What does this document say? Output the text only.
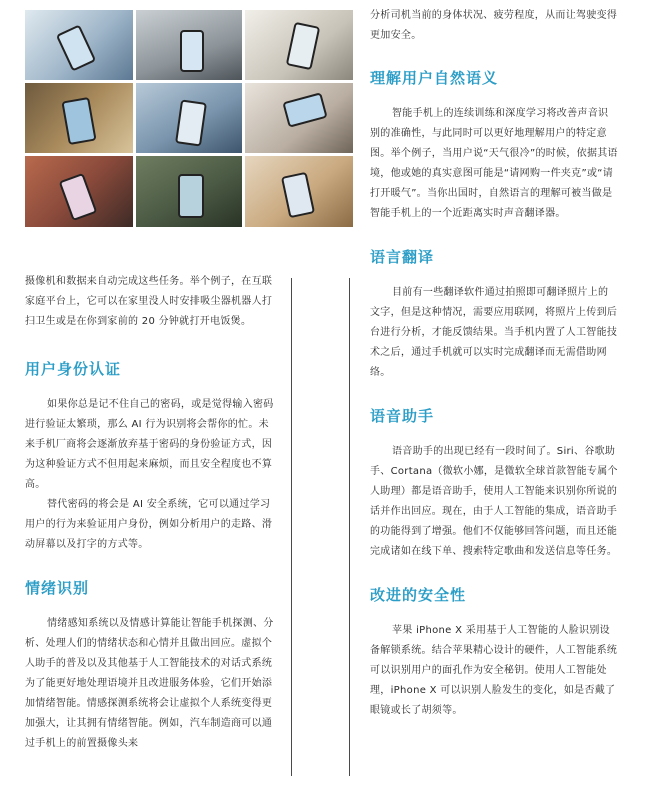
摄像机和数据来自动完成这些任务。举个例子，在互联家庭平台上，它可以在家里没人时安排吸尘器机器人打扫卫生或是在你到家前的 20 分钟就打开电饭煲。

用户身份认证

如果你总是记不住自己的密码，或是觉得输入密码进行验证太繁琐，那么 AI 行为识别将会帮你的忙。未来手机厂商将会逐渐放弃基于密码的身份验证方式，因为这种验证方式不但用起来麻烦，而且安全程度也不算高。

替代密码的将会是 AI 安全系统，它可以通过学习用户的行为来验证用户身份，例如分析用户的走路、滑动屏幕以及打字的方式等。

情绪识别

情绪感知系统以及情感计算能让智能手机探测、分析、处理人们的情绪状态和心情并且做出回应。虚拟个人助手的普及以及其他基于人工智能技术的对话式系统为了能更好地处理语境并且改进服务体验，它们开始添加情绪智能。情感探测系统将会让虚拟个人系统变得更加强大，让其拥有情绪智能。例如，汽车制造商可以通过手机上的前置摄像头来

分析司机当前的身体状况、疲劳程度，从而让驾驶变得更加安全。

理解用户自然语义

智能手机上的连续训练和深度学习将改善声音识别的准确性，与此同时可以更好地理解用户的特定意图。举个例子，当用户说“天气很冷”的时候，依据其语境，他或她的真实意图可能是“请网购一件夹克”或“请打开暖气”。当你出国时，自然语言的理解可被当做是智能手机上的一个近距离实时声音翻译器。

语言翻译

目前有一些翻译软件通过拍照即可翻译照片上的文字，但是这种情况，需要应用联网，将照片上传到后台进行分析，才能反馈结果。当手机内置了人工智能技术之后，通过手机就可以实时完成翻译而无需借助网络。

语音助手

语音助手的出现已经有一段时间了。Siri、谷歌助手、Cortana（微软小娜，是微软全球首款智能专属个人助理）都是语音助手，使用人工智能来识别你所说的话并作出回应。现在，由于人工智能的集成，语音助手的功能得到了增强。他们不仅能够回答问题，而且还能完成诸如在线下单、搜索特定歌曲和发送信息等任务。

改进的安全性

苹果 iPhone X 采用基于人工智能的人脸识别设备解锁系统。结合苹果精心设计的硬件，人工智能系统可以识别用户的面孔作为安全秘钥。使用人工智能处理，iPhone X 可以识别人脸发生的变化，如是否戴了眼镜或长了胡须等。
